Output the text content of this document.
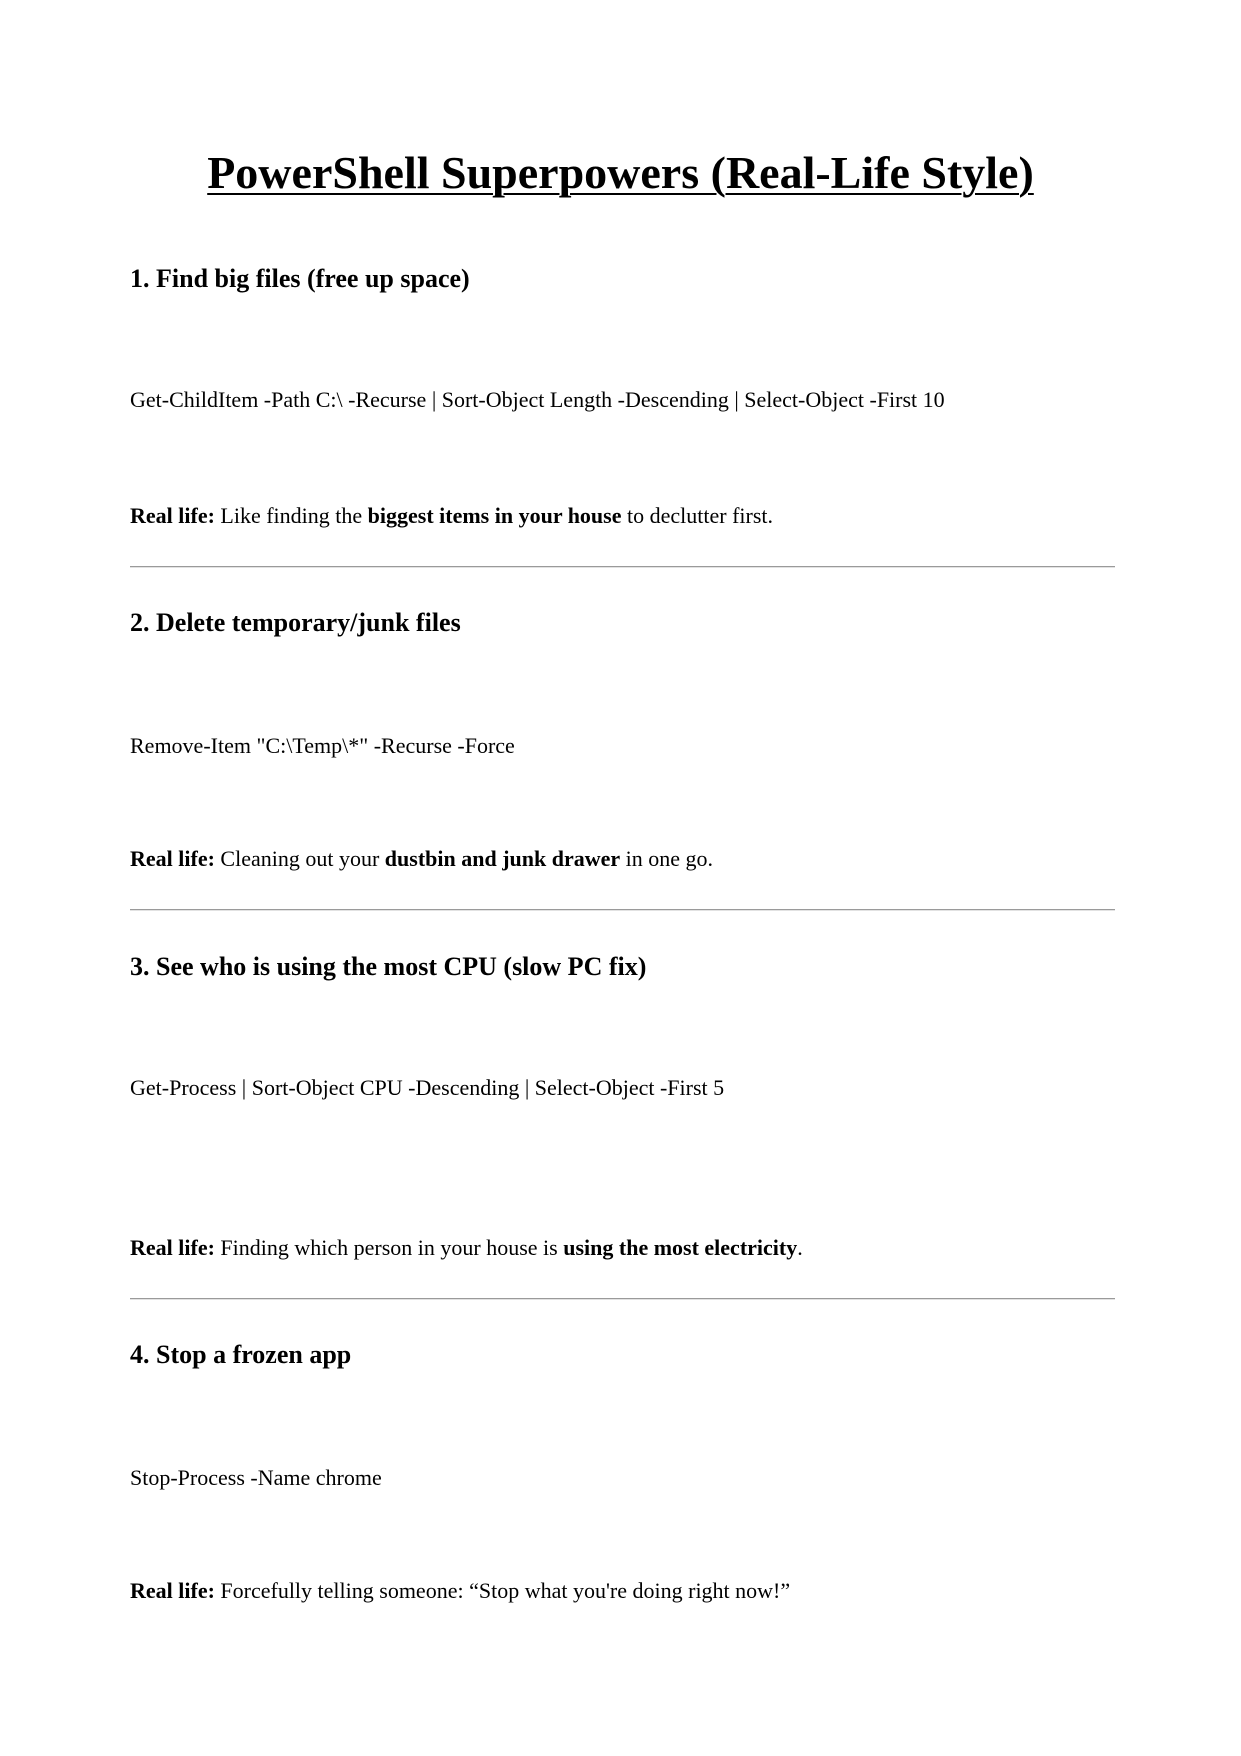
PowerShell Superpowers (Real-Life Style)
1. Find big files (free up space)

Get-ChildItem -Path C:\ -Recurse | Sort-Object Length -Descending | Select-Object -First 10

Real life: Like finding the biggest items in your house to declutter first.

2. Delete temporary/junk files

Remove-Item "C:\Temp\*" -Recurse -Force

Real life: Cleaning out your dustbin and junk drawer in one go.

3. See who is using the most CPU (slow PC fix)

Get-Process | Sort-Object CPU -Descending | Select-Object -First 5

Real life: Finding which person in your house is using the most electricity.

4. Stop a frozen app

Stop-Process -Name chrome

Real life: Forcefully telling someone: “Stop what you're doing right now!”
